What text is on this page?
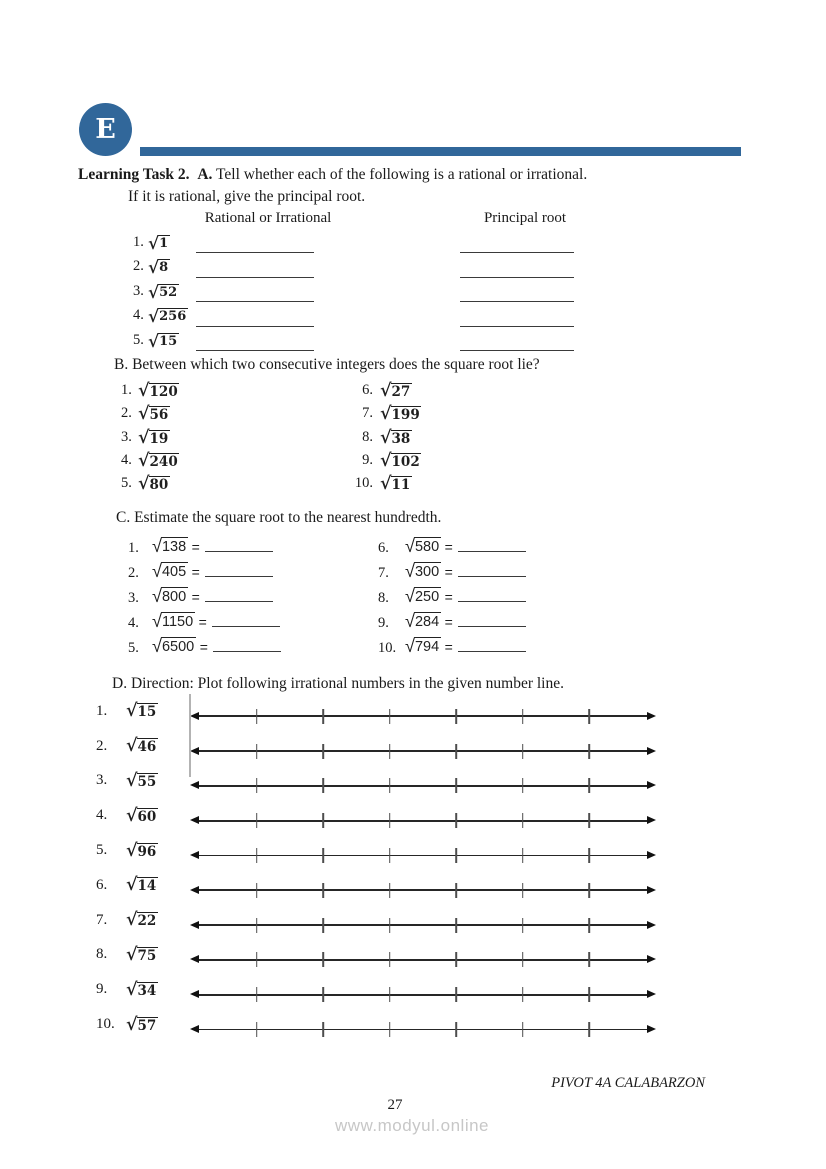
E
Learning Task 2. A. Tell whether each of the following is a rational or irrational.
If it is rational, give the principal root.
Rational or Irrational	Principal root
1. √ 1
2. √ 8
3. √ 52
4. √ 256
5. √ 15
B. Between which two consecutive integers does the square root lie?
1. √ 120	6. √ 27
2. √ 56	7. √ 199
3. √ 19	8. √ 38
4. √ 240	9. √ 102
5. √ 80	10. √ 11
C. Estimate the square root to the nearest hundredth.
1. √ 138 =	6. √ 580 =
2. √ 405 =	7. √ 300 =
3. √ 800 =	8. √ 250 =
4. √ 1150 =	9. √ 284 =
5. √ 6500 =	10. √ 794 =
D. Direction: Plot following irrational numbers in the given number line.
1.	√ 15
2.	√ 46
3.	√ 55
4.	√ 60
5.	√ 96
6.	√ 14
7.	√ 22
8.	√ 75
9.	√ 34
10. √ 57
PIVOT 4A CALABARZON
27
www.modyul.online
